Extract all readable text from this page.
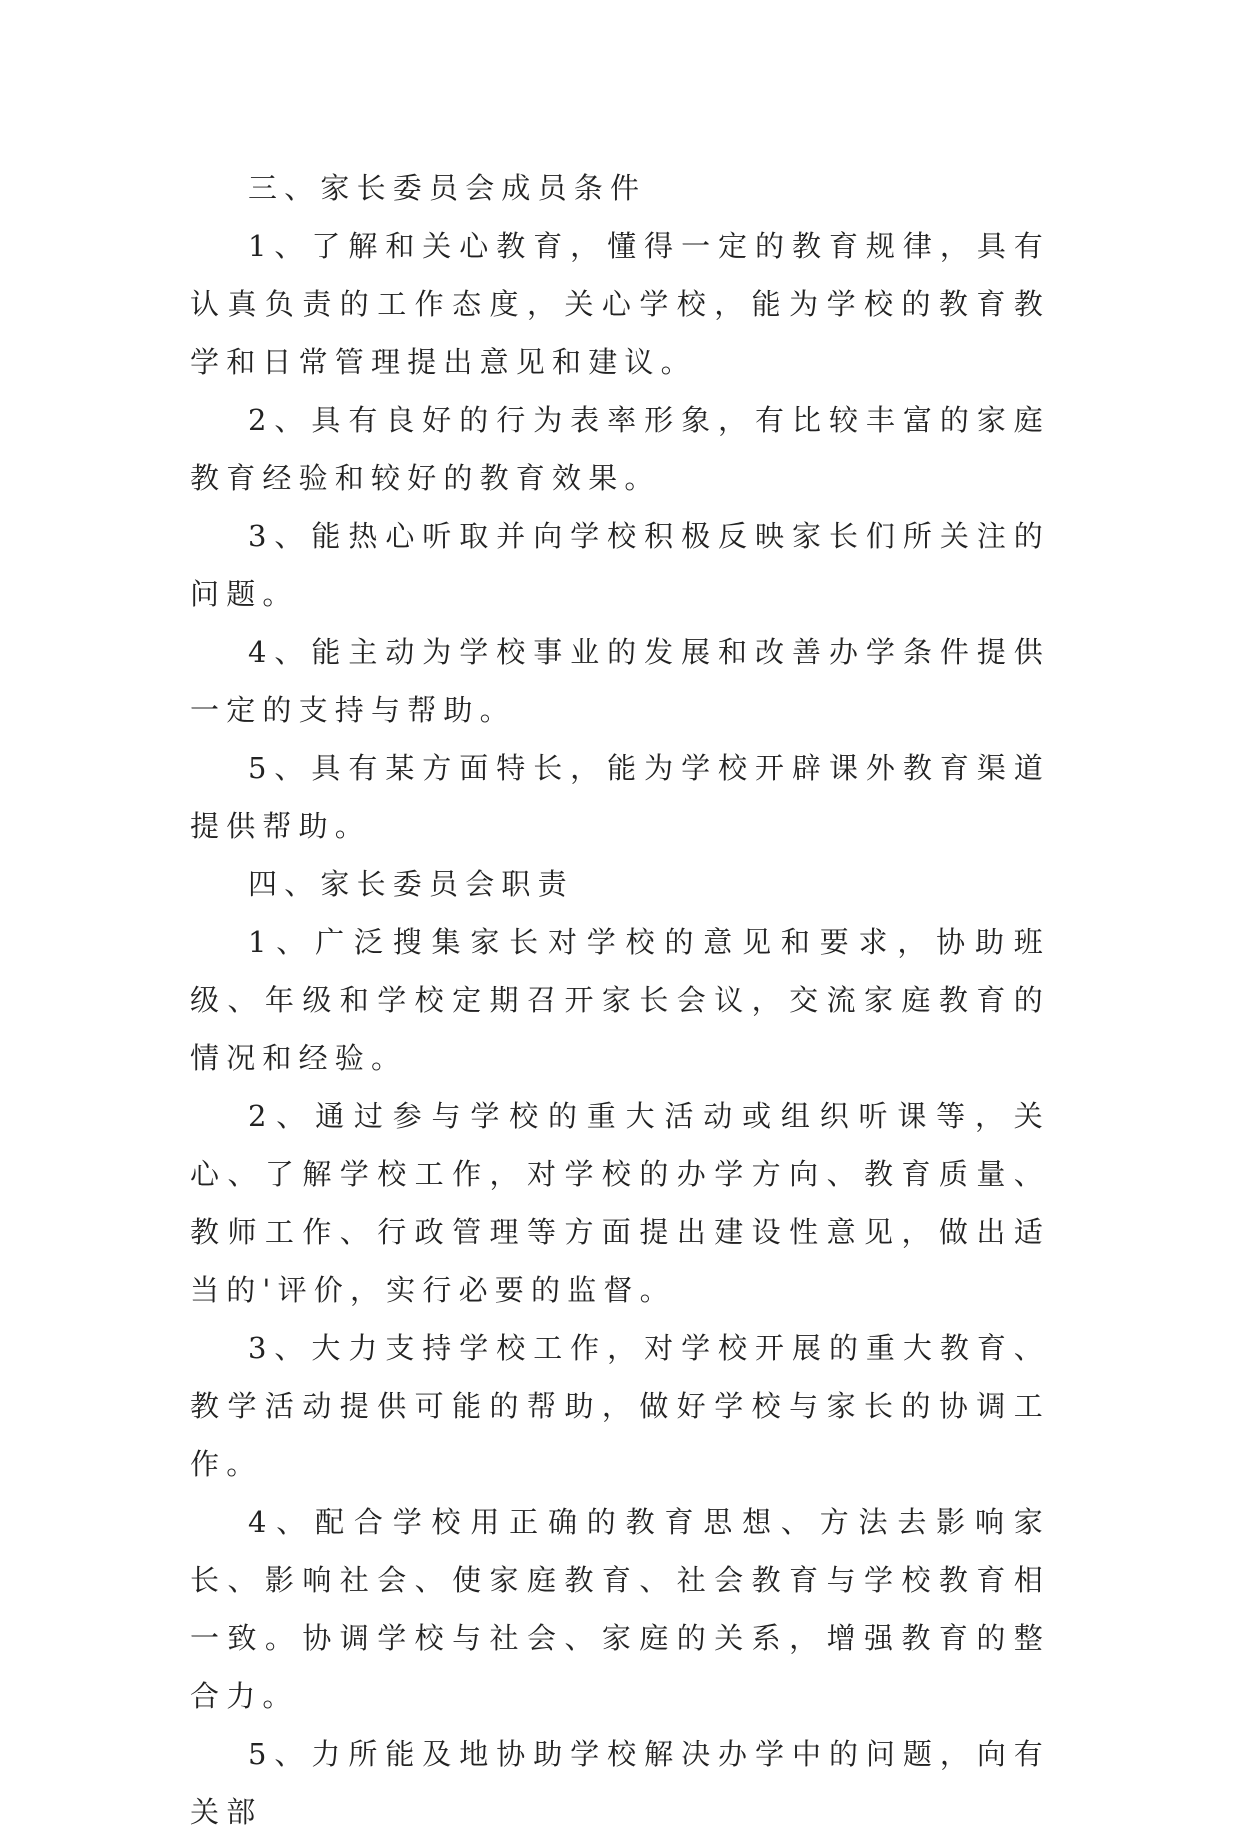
三、家长委员会成员条件

1、了解和关心教育，懂得一定的教育规律，具有认真负责的工作态度，关心学校，能为学校的教育教学和日常管理提出意见和建议。

2、具有良好的行为表率形象，有比较丰富的家庭教育经验和较好的教育效果。

3、能热心听取并向学校积极反映家长们所关注的问题。

4、能主动为学校事业的发展和改善办学条件提供一定的支持与帮助。

5、具有某方面特长，能为学校开辟课外教育渠道提供帮助。

四、家长委员会职责

1、广泛搜集家长对学校的意见和要求，协助班级、年级和学校定期召开家长会议，交流家庭教育的情况和经验。

2、通过参与学校的重大活动或组织听课等，关心、了解学校工作，对学校的办学方向、教育质量、教师工作、行政管理等方面提出建设性意见，做出适当的'评价，实行必要的监督。

3、大力支持学校工作，对学校开展的重大教育、教学活动提供可能的帮助，做好学校与家长的协调工作。

4、配合学校用正确的教育思想、方法去影响家长、影响社会、使家庭教育、社会教育与学校教育相一致。协调学校与社会、家庭的关系，增强教育的整合力。

5、力所能及地协助学校解决办学中的问题，向有关部
